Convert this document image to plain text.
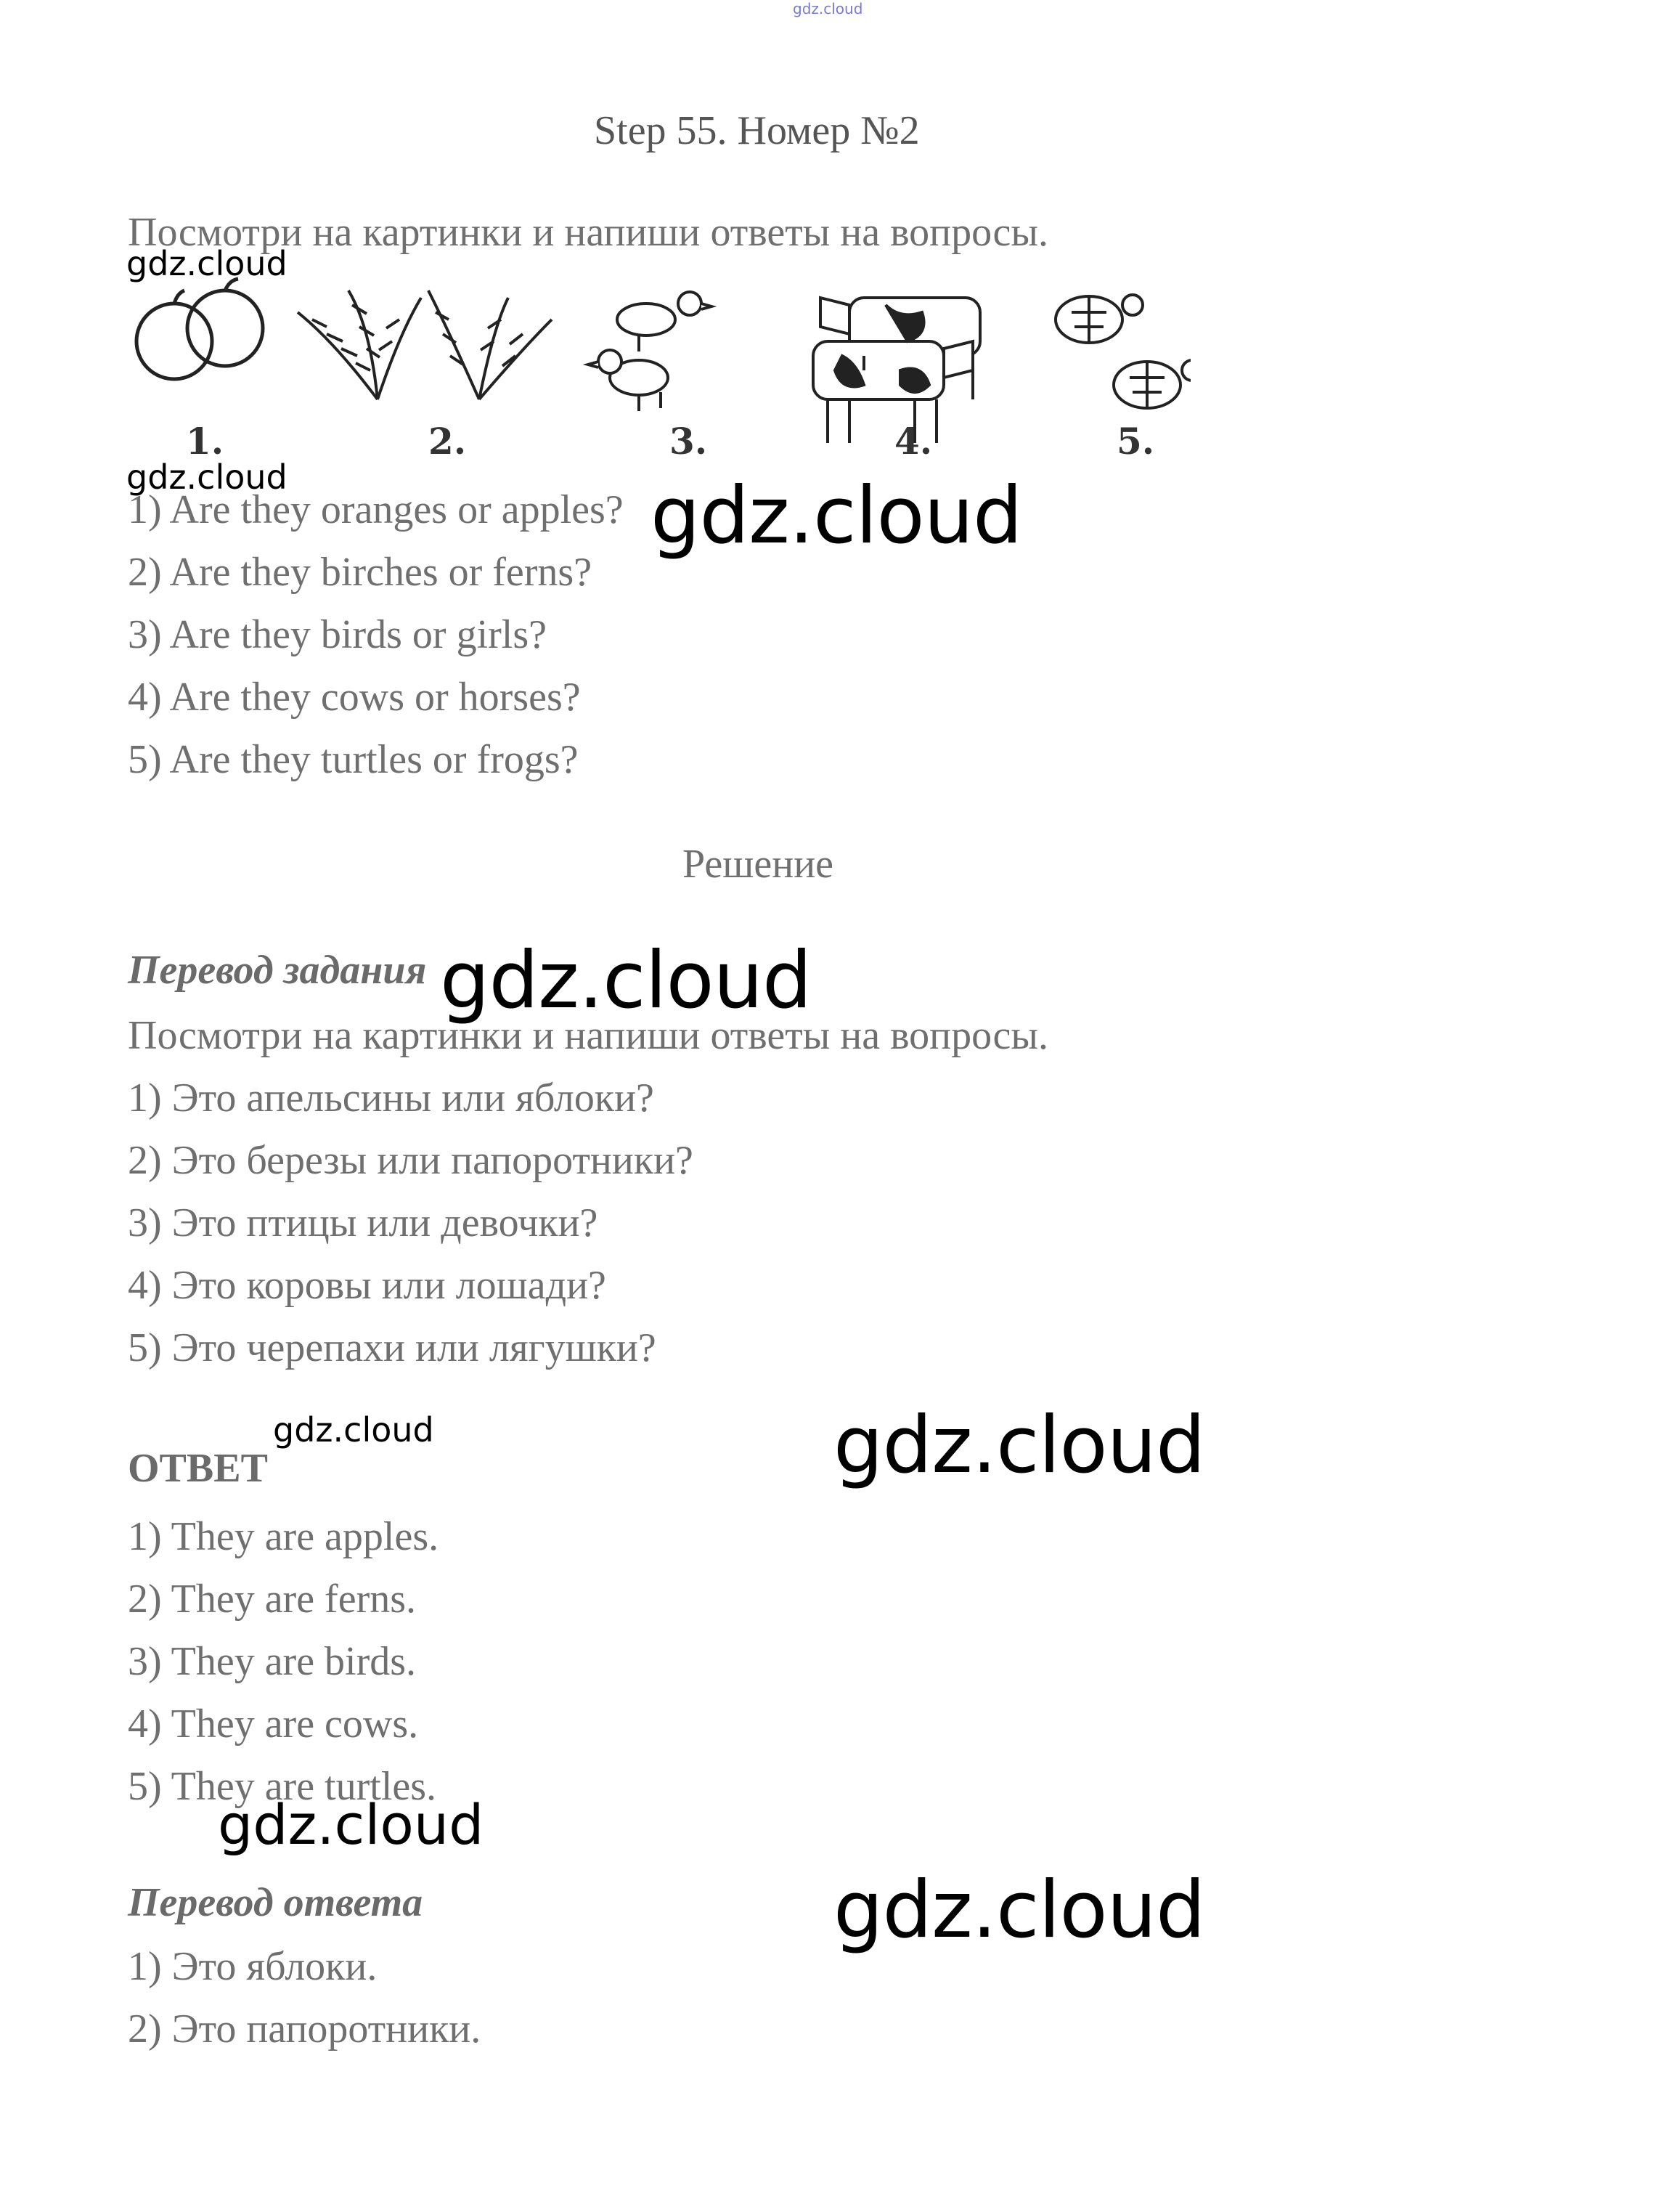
gdz.cloud
Step 55. Номер №2
Посмотри на картинки и напиши ответы на вопросы.
gdz.cloud
1.	2.	3.	4.	5.
gdz.cloud
1) Are they oranges or apples? gdz.cloud
2) Are they birches or ferns?
3) Are they birds or girls?
4) Are they cows or horses?
5) Are they turtles or frogs?
Решение
Перевод задания gdz.cloud
Посмотри на картинки и напиши ответы на вопросы.
1) Это апельсины или яблоки?
2) Это березы или папоротники?
3) Это птицы или девочки?
4) Это коровы или лошади?
5) Это черепахи или лягушки?
gdz.cloud	gdz.cloud
ОТВЕТ
1) They are apples.
2) They are ferns.
3) They are birds.
4) They are cows.
5) They are turtles.
gdz.cloud
Перевод ответа	gdz.cloud
1) Это яблоки.
2) Это папоротники.
